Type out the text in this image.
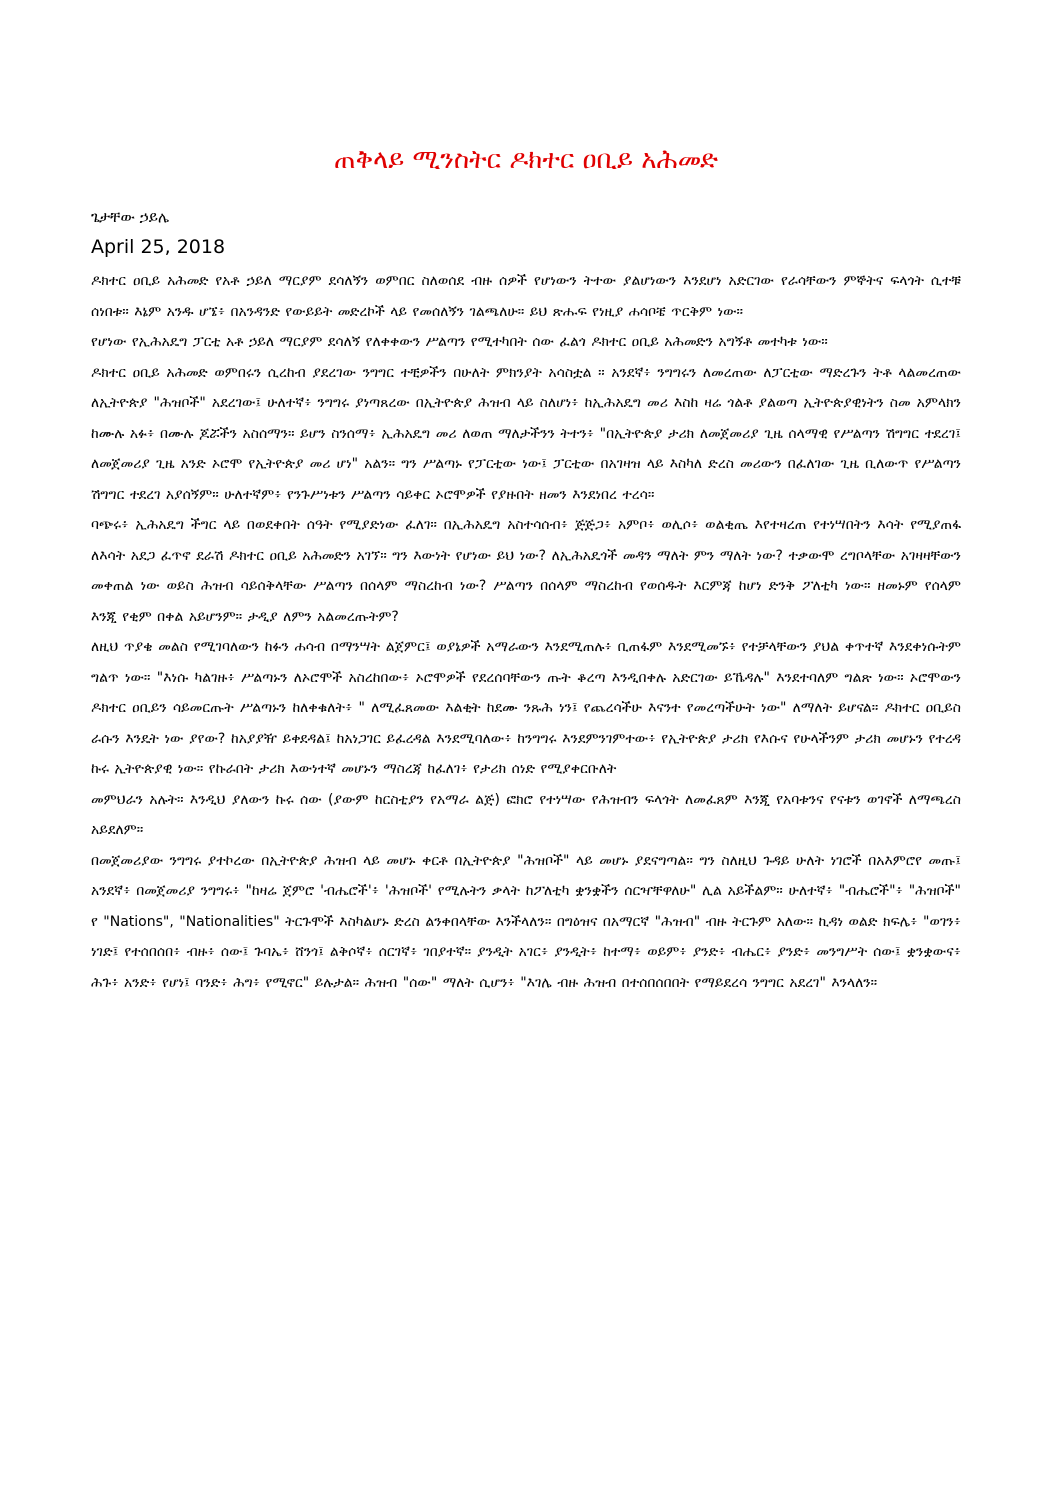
ጠቅላይ ሚንስትር ዶክተር ዐቢይ አሕመድ

ጌታቸው ኃይሌ

April 25, 2018

ዶክተር ዐቢይ አሕመድ የአቶ ኃይለ ማርያም ደሳለኝን ወምበር ስለወሰደ ብዙ ሰዎች የሆነውን ትተው ያልሆነውን እንደሆነ አድርገው የራሳቸውን ምኞትና ፍላጎት ሲተቹ ሰነበቱ። እኔም አንዱ ሆኜ፥ በአንዳንድ የውይይት መድረኮች ላይ የመሰለኝን ገልጫለሁ። ይህ ጽሑፍ የነዚያ ሐሳቦቼ ጥርቅም ነው።

የሆነው የኢሕአዴግ ፓርቲ አቶ ኃይለ ማርያም ደሳለኝ የለቀቀውን ሥልጣን የሚተካበት ሰው ፈልጎ ዶክተር ዐቢይ አሕመድን አግኝቶ መተካቱ ነው።

ዶክተር ዐቢይ አሕመድ ወምበሩን ሲረከብ ያደረገው ንግግር ተቺዎችን በሁለት ምክንያት አሳስቷል ። አንደኛ፥ ንግግሩን ለመረጠው ለፓርቲው ማድረጉን ትቶ ላልመረጠው ለኢትዮጵያ "ሕዝቦች" አደረገው፤ ሁለተኛ፥ ንግግሩ ያነጣጸረው በኢትዮጵያ ሕዝብ ላይ ስለሆነ፥ ከኢሕአዴግ መሪ እስከ ዛሬ ጎልቶ ያልወጣ ኢትዮጵያዊነትን ስመ አምላክን ከሙሉ አፉ፥ በሙሉ ጆሯችን አስሰማን። ይሆን ስንሰማ፥ ኢሕአዴግ መሪ ለወጠ ማለታችንን ትተን፥ "በኢትዮጵያ ታሪክ ለመጀመሪያ ጊዜ ሰላማዊ የሥልጣን ሽግግር ተደረገ፤ ለመጀመሪያ ጊዜ አንድ ኦሮሞ የኢትዮጵያ መሪ ሆነ" አልን። ግን ሥልጣኑ የፓርቲው ነው፤ ፓርቲው በአገዛዝ ላይ እስካለ ድረስ መሪውን በፈለገው ጊዜ ቢለውጥ የሥልጣን ሽግግር ተደረገ አያሰኝም። ሁለተኛም፥ የንጉሥነቱን ሥልጣን ሳይቀር ኦሮሞዎች የያዙበት ዘመን እንደነበረ ተረሳ።

ባጭሩ፥ ኢሕአዴግ ችግር ላይ በወደቀበት ሰዓት የሚያድነው ፈለገ። በኢሕአዴግ አስተሳሰብ፥ ጅጅጋ፥ አምቦ፥ ወሊሶ፥ ወልቂጤ እየተዛረጠ የተነሣበትን እሳት የሚያጠፋ ለእሳት አደጋ ፈጥኖ ደራሽ ዶክተር ዐቢይ አሕመድን አገኘ። ግን እውነት የሆነው ይህ ነው? ለኢሕአዴጎች መዳን ማለት ምን ማለት ነው? ተቃውሞ ረግቦላቸው አገዛዛቸውን መቀጠል ነው ወይስ ሕዝብ ሳይሰቅላቸው ሥልጣን በሰላም ማስረከብ ነው? ሥልጣን በሰላም ማስረከብ የወሰዱት እርምጃ ከሆነ ድንቅ ፖለቲካ ነው። ዘመኑም የሰላም እንጂ የቂም በቀል አይሆንም። ታዲያ ለምን አልመረጡትም?

ለዚህ ጥያቄ መልስ የሚገባለውን ከፉን ሐሳብ በማንሣት ልጀምር፤ ወያኔዎች አማራውን እንደሚጠሉ፥ ቢጠፋም እንደሚመኙ፥ የተቻላቸውን ያህል ቀጥተኛ እንደቀነሱትም ግልጥ ነው። "እነሱ ካልገዙ፥ ሥልጣኑን ለኦሮሞች አስረከበው፥ ኦሮሞዎች የደረሰባቸውን ጡት ቆረጣ እንዲበቀሉ አድርገው ይኼዳሉ" እንደተባለም ግልጽ ነው። ኦሮሞውን ዶክተር ዐቢይን ሳይመርጡት ሥልጣኑን ከለቀቁለት፥ " ለሚፈጸመው እልቂት ከደሙ ንጹሕ ነን፤ የጨረሳችሁ እናንተ የመረጣችሁት ነው" ለማለት ይሆናል። ዶክተር ዐቢይስ ራሱን እንዴት ነው ያየው? ከአያያዥ ይቀደዳል፤ ከአነጋገር ይፈረዳል እንደሚባለው፥ ከንግግሩ እንደምንገምተው፥ የኢትዮጵያ ታሪክ የእሱና የሁላችንም ታሪክ መሆኑን የተረዳ ኩሩ ኢትዮጵያዊ ነው። የኩራበት ታሪክ እውነተኛ መሆኑን ማስረጃ ከፈለገ፥ የታሪክ ሰነድ የሚያቀርቡለት

መምህራን አሉት። እንዲህ ያለውን ኩሩ ሰው (ያውም ከርስቲያን የአማራ ልጅ) ፎክሮ የተነሣው የሕዝብን ፍላጎት ለመፈጸም እንጂ የአባቱንና የናቱን ወገኖች ለማጫረስ አይደለም።

በመጀመሪያው ንግግሩ ያተኮረው በኢትዮጵያ ሕዝብ ላይ መሆኑ ቀርቶ በኢትዮጵያ "ሕዝቦች" ላይ መሆኑ ያደናግጣል። ግን ስለዚህ ጉዳይ ሁለት ነገሮች በአእምሮየ መጡ፤ አንደኛ፥ በመጀመሪያ ንግግሩ፥ "ከዛሬ ጀምሮ 'ብሔሮች'፥ 'ሕዝቦች' የሚሉትን ቃላት ከፖለቲካ ቋንቋችን ሰርዣቸዋለሁ" ሊል አይችልም። ሁለተኛ፥ "ብሔሮች"፥ "ሕዝቦች" የ "Nations", "Nationalities" ትርጉሞች እስካልሆኑ ድረስ ልንቀበላቸው እንችላለን። በግዕዝና በአማርኛ "ሕዝብ" ብዙ ትርጉም አለው። ኪዳነ ወልድ ክፍሌ፥ "ወገን፥ ነገድ፤ የተሰበሰበ፥ ብዙ፥ ሰው፤ ጉባኤ፥ ሸንጎ፤ ልቅሶኛ፥ ሰርገኛ፥ ገበያተኛ። ያንዲት አገር፥ ያንዲት፥ ከተማ፥ ወይም፥ ያንድ፥ ብሔር፥ ያንድ፥ መንግሥት ሰው፤ ቋንቋውና፥ ሕጉ፥ አንድ፥ የሆነ፤ ባንድ፥ ሕግ፥ የሚኖር" ይሉታል። ሕዝብ "ሰው" ማለት ሲሆን፥ "እገሌ ብዙ ሕዝብ በተሰበሰበበት የማይደረሳ ንግግር አደረገ" እንላለን።
